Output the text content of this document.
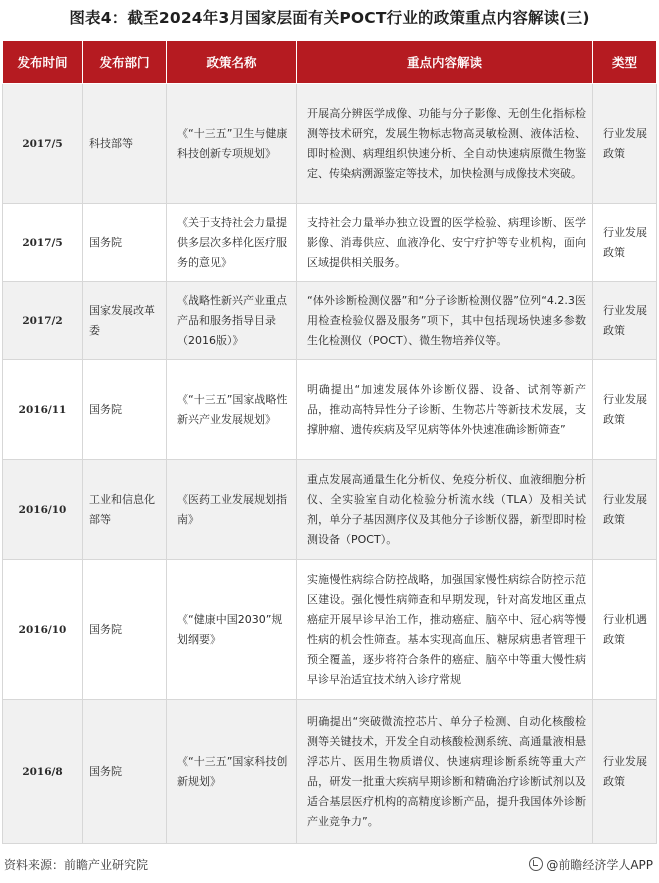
图表4：截至2024年3月国家层面有关POCT行业的政策重点内容解读(三)
发布时间	发布部门	政策名称	重点内容解读	类型
2017/5	科技部等	《“十三五”卫生与健康科技创新专项规划》	开展高分辨医学成像、功能与分子影像、无创生化指标检测等技术研究，发展生物标志物高灵敏检测、液体活检、即时检测、病理组织快速分析、全自动快速病原微生物鉴定、传染病溯源鉴定等技术，加快检测与成像技术突破。	行业发展政策
2017/5	国务院	《关于支持社会力量提供多层次多样化医疗服务的意见》	支持社会力量举办独立设置的医学检验、病理诊断、医学影像、消毒供应、血液净化、安宁疗护等专业机构，面向区域提供相关服务。	行业发展政策
2017/2	国家发展改革委	《战略性新兴产业重点产品和服务指导目录（2016版）》	“体外诊断检测仪器”和“分子诊断检测仪器”位列“4.2.3医用检查检验仪器及服务”项下，其中包括现场快速多参数生化检测仪（POCT）、微生物培养仪等。	行业发展政策
2016/11	国务院	《“十三五”国家战略性新兴产业发展规划》	明确提出“加速发展体外诊断仪器、设备、试剂等新产品，推动高特异性分子诊断、生物芯片等新技术发展，支撑肿瘤、遗传疾病及罕见病等体外快速准确诊断筛查”	行业发展政策
2016/10	工业和信息化部等	《医药工业发展规划指南》	重点发展高通量生化分析仪、免疫分析仪、血液细胞分析仪、全实验室自动化检验分析流水线（TLA）及相关试剂，单分子基因测序仪及其他分子诊断仪器，新型即时检测设备（POCT）。	行业发展政策
2016/10	国务院	《“健康中国2030”规划纲要》	实施慢性病综合防控战略，加强国家慢性病综合防控示范区建设。强化慢性病筛查和早期发现，针对高发地区重点癌症开展早诊早治工作，推动癌症、脑卒中、冠心病等慢性病的机会性筛查。基本实现高血压、糖尿病患者管理干预全覆盖，逐步将符合条件的癌症、脑卒中等重大慢性病早诊早治适宜技术纳入诊疗常规	行业机遇政策
2016/8	国务院	《“十三五”国家科技创新规划》	明确提出“突破微流控芯片、单分子检测、自动化核酸检测等关键技术，开发全自动核酸检测系统、高通量液相悬浮芯片、医用生物质谱仪、快速病理诊断系统等重大产品，研发一批重大疾病早期诊断和精确治疗诊断试剂以及适合基层医疗机构的高精度诊断产品，提升我国体外诊断产业竞争力”。	行业发展政策
资料来源：前瞻产业研究院	@前瞻经济学人APP
